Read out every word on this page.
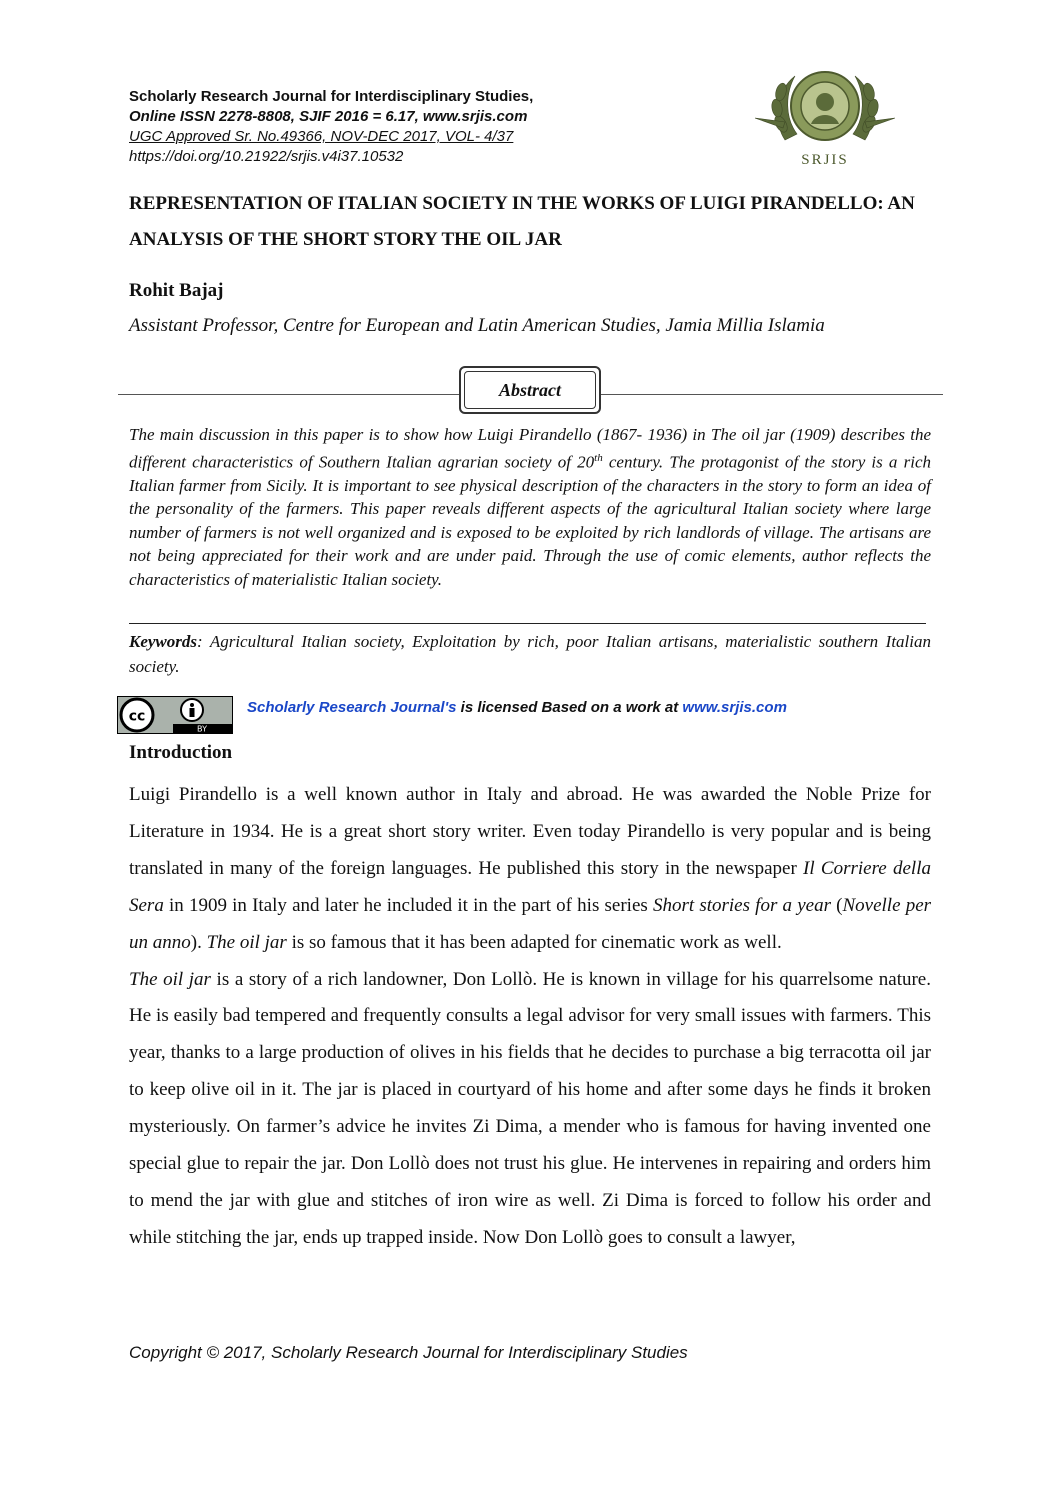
Scholarly Research Journal for Interdisciplinary Studies,
Online ISSN 2278-8808, SJIF 2016 = 6.17, www.srjis.com
UGC Approved Sr. No.49366, NOV-DEC 2017, VOL- 4/37
https://doi.org/10.21922/srjis.v4i37.10532	SRJIS
REPRESENTATION OF ITALIAN SOCIETY IN THE WORKS OF LUIGI PIRANDELLO: AN ANALYSIS OF THE SHORT STORY THE OIL JAR
Rohit Bajaj
Assistant Professor, Centre for European and Latin American Studies, Jamia Millia Islamia
Abstract
The main discussion in this paper is to show how Luigi Pirandello (1867- 1936) in The oil jar (1909) describes the different characteristics of Southern Italian agrarian society of 20th century. The protagonist of the story is a rich Italian farmer from Sicily. It is important to see physical description of the characters in the story to form an idea of the personality of the farmers. This paper reveals different aspects of the agricultural Italian society where large number of farmers is not well organized and is exposed to be exploited by rich landlords of village. The artisans are not being appreciated for their work and are under paid. Through the use of comic elements, author reflects the characteristics of materialistic Italian society.
Keywords: Agricultural Italian society, Exploitation by rich, poor Italian artisans, materialistic southern Italian society.
cc
BY
Scholarly Research Journal's is licensed Based on a work at www.srjis.com
Introduction

Luigi Pirandello is a well known author in Italy and abroad. He was awarded the Noble Prize for Literature in 1934. He is a great short story writer. Even today Pirandello is very popular and is being translated in many of the foreign languages. He published this story in the newspaper Il Corriere della Sera in 1909 in Italy and later he included it in the part of his series Short stories for a year (Novelle per un anno). The oil jar is so famous that it has been adapted for cinematic work as well.

The oil jar is a story of a rich landowner, Don Lollò. He is known in village for his quarrelsome nature. He is easily bad tempered and frequently consults a legal advisor for very small issues with farmers. This year, thanks to a large production of olives in his fields that he decides to purchase a big terracotta oil jar to keep olive oil in it. The jar is placed in courtyard of his home and after some days he finds it broken mysteriously. On farmer’s advice he invites Zi Dima, a mender who is famous for having invented one special glue to repair the jar. Don Lollò does not trust his glue. He intervenes in repairing and orders him to mend the jar with glue and stitches of iron wire as well. Zi Dima is forced to follow his order and while stitching the jar, ends up trapped inside. Now Don Lollò goes to consult a lawyer,

Copyright © 2017, Scholarly Research Journal for Interdisciplinary Studies
